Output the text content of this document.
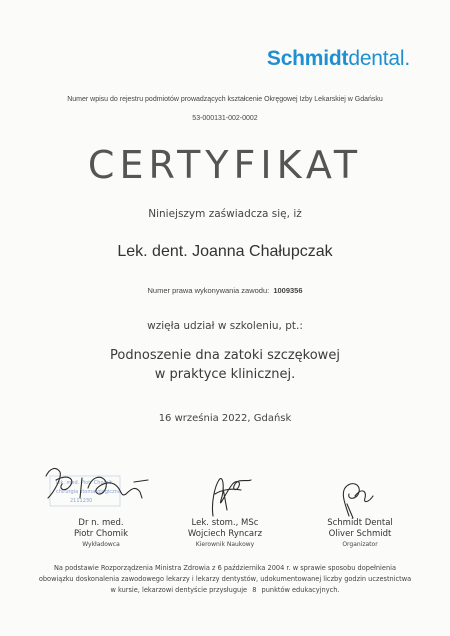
Schmidtdental.
Numer wpisu do rejestru podmiotów prowadzących kształcenie Okręgowej Izby Lekarskiej w Gdańsku
53-000131-002-0002
CERTYFIKAT
Niniejszym zaświadcza się, iż
Lek. dent. Joanna Chałupczak
Numer prawa wykonywania zawodu: 1009356
wzięła udział w szkoleniu, pt.:
Podnoszenie dna zatoki szczękowej
w praktyce klinicznej.
16 września 2022, Gdańsk
lek. med. Piotr Chomik
chirurgia stomatologiczna
2111230
Dr n. med.
Piotr Chomik
Wykładowca
Lek. stom., MSc
Wojciech Ryncarz
Kierownik Naukowy
Schmidt Dental
Oliver Schmidt
Organizator
Na podstawie Rozporządzenia Ministra Zdrowia z 6 października 2004 r. w sprawie sposobu dopełnienia
obowiązku doskonalenia zawodowego lekarzy i lekarzy dentystów, udokumentowanej liczby godzin uczestnictwa
w kursie, lekarzowi dentyście przysługuje 8 punktów edukacyjnych.
